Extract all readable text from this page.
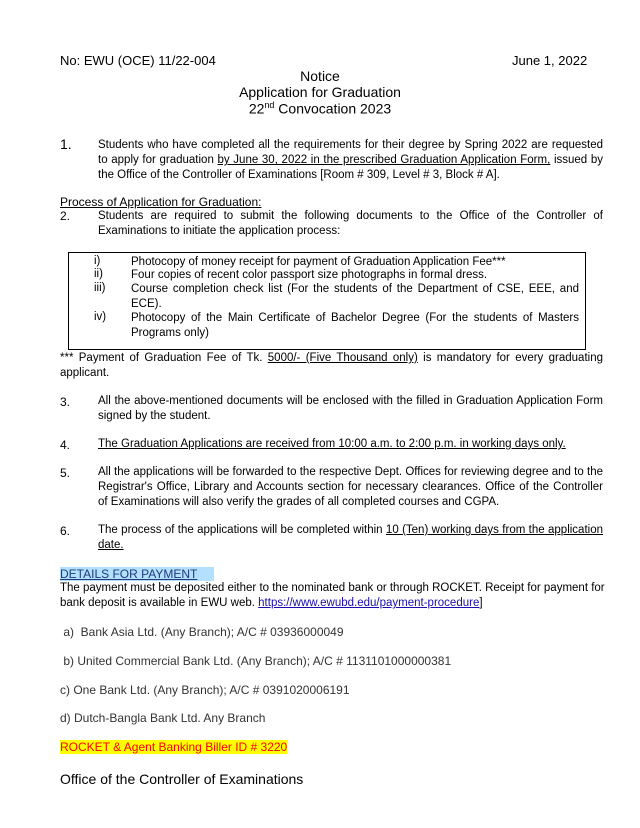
No: EWU (OCE) 11/22-004	June 1, 2022
Notice
Application for Graduation
22nd Convocation 2023
1. Students who have completed all the requirements for their degree by Spring 2022 are requested to apply for graduation by June 30, 2022 in the prescribed Graduation Application Form, issued by the Office of the Controller of Examinations [Room # 309, Level # 3, Block # A].
Process of Application for Graduation:
2. Students are required to submit the following documents to the Office of the Controller of Examinations to initiate the application process:
i)	Photocopy of money receipt for payment of Graduation Application Fee***
ii) Four copies of recent color passport size photographs in formal dress.
iii) Course completion check list (For the students of the Department of CSE, EEE, and ECE).
iv) Photocopy of the Main Certificate of Bachelor Degree (For the students of Masters Programs only)
*** Payment of Graduation Fee of Tk. 5000/- (Five Thousand only) is mandatory for every graduating applicant.
3. All the above-mentioned documents will be enclosed with the filled in Graduation Application Form signed by the student.
4. The Graduation Applications are received from 10:00 a.m. to 2:00 p.m. in working days only.
5. All the applications will be forwarded to the respective Dept. Offices for reviewing degree and to the Registrar's Office, Library and Accounts section for necessary clearances. Office of the Controller of Examinations will also verify the grades of all completed courses and CGPA.
6. The process of the applications will be completed within 10 (Ten) working days from the application date.
DETAILS FOR PAYMENT
The payment must be deposited either to the nominated bank or through ROCKET. Receipt for payment for bank deposit is available in EWU web. https://www.ewubd.edu/payment-procedure]
a)  Bank Asia Ltd. (Any Branch); A/C # 03936000049
b) United Commercial Bank Ltd. (Any Branch); A/C # 1131101000000381
c) One Bank Ltd. (Any Branch); A/C # 0391020006191
d) Dutch-Bangla Bank Ltd. Any Branch
ROCKET & Agent Banking Biller ID # 3220
Office of the Controller of Examinations
